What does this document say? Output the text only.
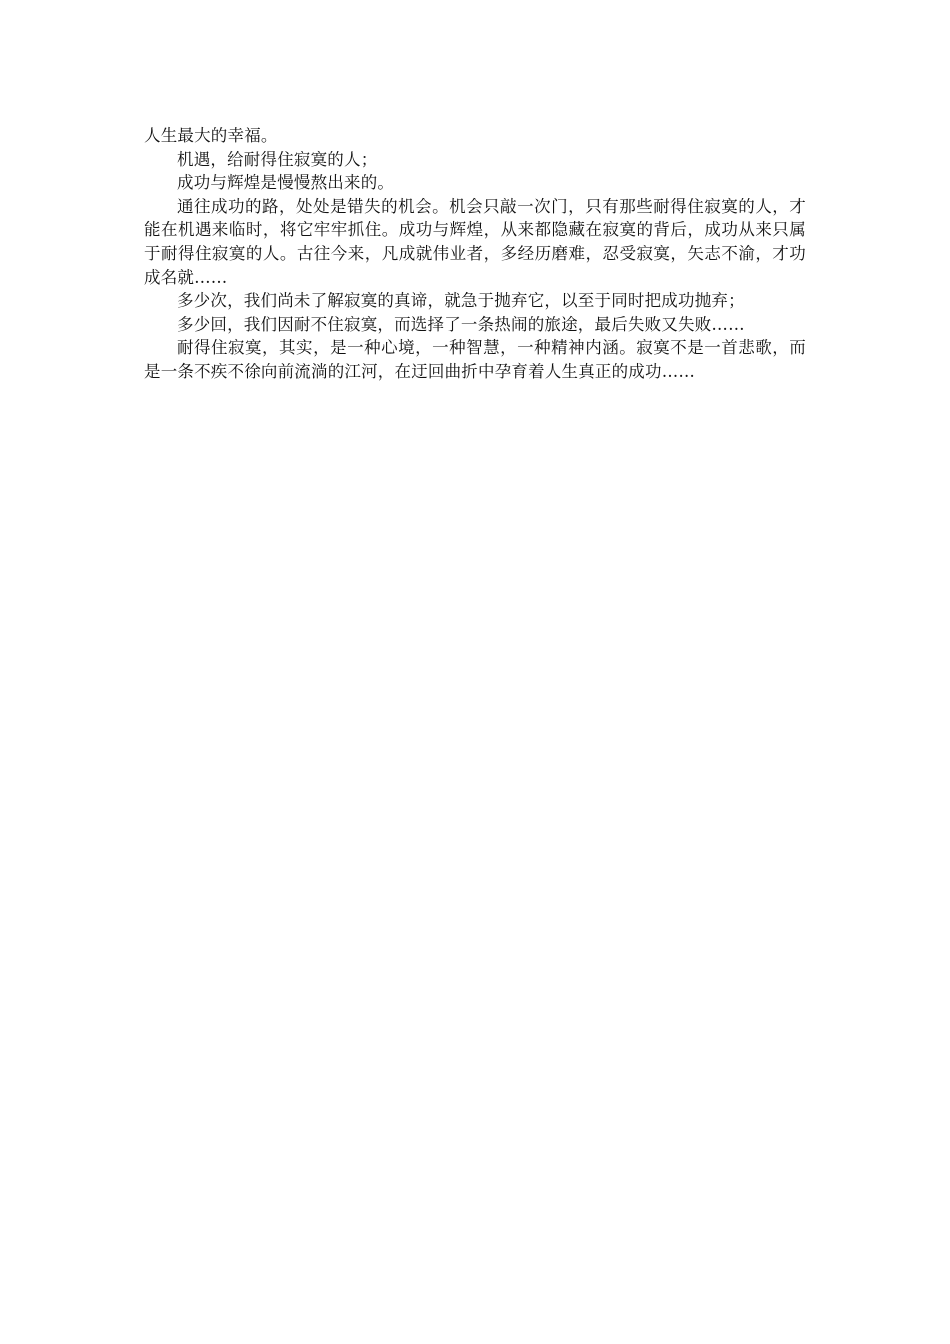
人生最大的幸福。

机遇，给耐得住寂寞的人；

成功与辉煌是慢慢熬出来的。

通往成功的路，处处是错失的机会。机会只敲一次门，只有那些耐得住寂寞的人，才能在机遇来临时，将它牢牢抓住。成功与辉煌，从来都隐藏在寂寞的背后，成功从来只属于耐得住寂寞的人。古往今来，凡成就伟业者，多经历磨难，忍受寂寞，矢志不渝，才功成名就……

多少次，我们尚未了解寂寞的真谛，就急于抛弃它，以至于同时把成功抛弃；

多少回，我们因耐不住寂寞，而选择了一条热闹的旅途，最后失败又失败……

耐得住寂寞，其实，是一种心境，一种智慧，一种精神内涵。寂寞不是一首悲歌，而是一条不疾不徐向前流淌的江河，在迂回曲折中孕育着人生真正的成功……
